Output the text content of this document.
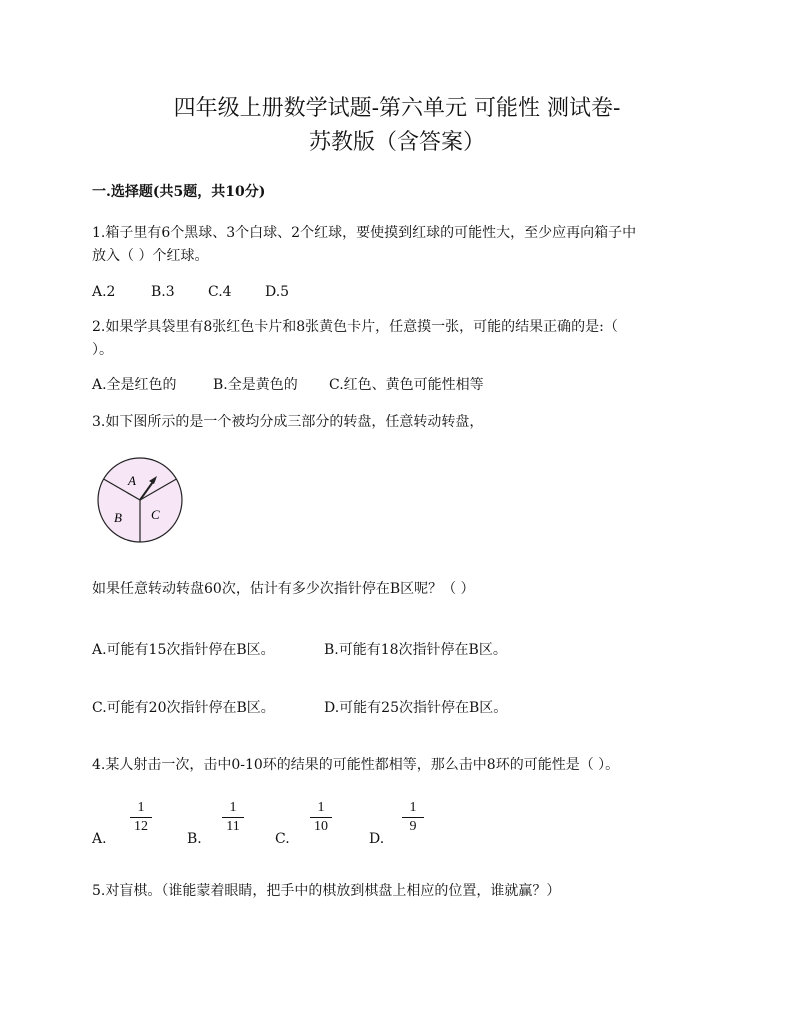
四年级上册数学试题-第六单元 可能性 测试卷-
苏教版（含答案）
一.选择题(共5题，共10分)
1.箱子里有6个黑球、3个白球、2个红球，要使摸到红球的可能性大，至少应再向箱子中
放入（ ）个红球。
A.2	B.3 C.4 D.5
2.如果学具袋里有8张红色卡片和8张黄色卡片，任意摸一张，可能的结果正确的是:（
）。
A.全是红色的	B.全是黄色的 C.红色、黄色可能性相等
3.如下图所示的是一个被均分成三部分的转盘，任意转动转盘，
A
B C
如果任意转动转盘60次，估计有多少次指针停在B区呢？（ ）
A.可能有15次指针停在B区。	B.可能有18次指针停在B区。
C.可能有20次指针停在B区。	D.可能有25次指针停在B区。
4.某人射击一次，击中0-10环的结果的可能性都相等，那么击中8环的可能性是（ ）。
A.
1
12
B.
1
11
C.
1
10
D.
1
9
5.对盲棋。（谁能蒙着眼睛，把手中的棋放到棋盘上相应的位置，谁就赢？）
